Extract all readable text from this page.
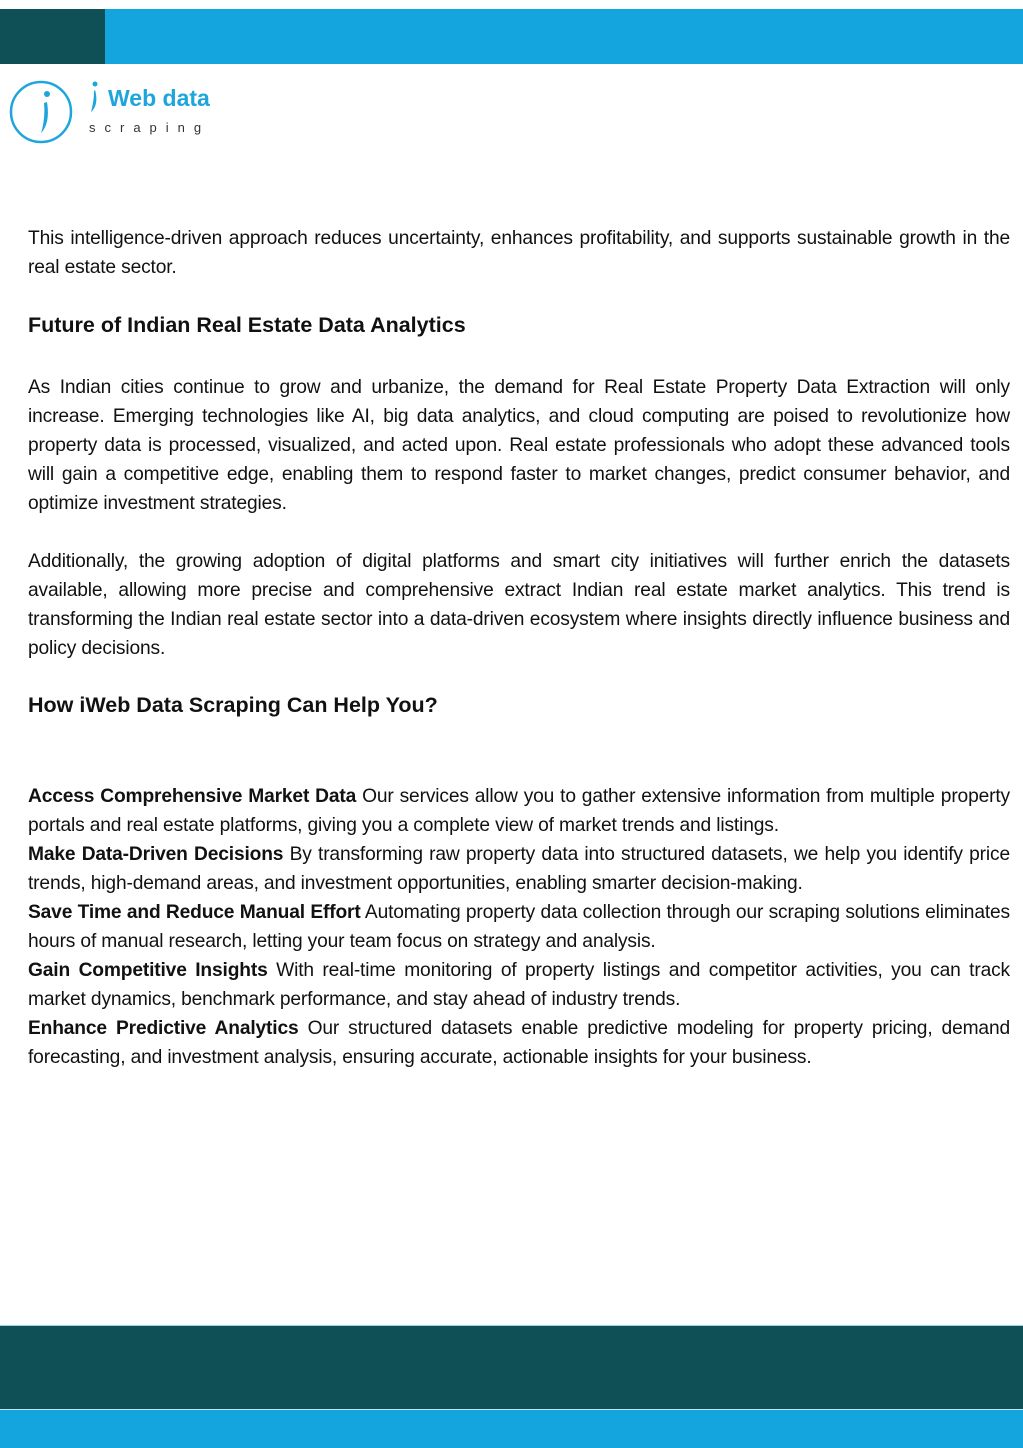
Web data
scraping
This intelligence-driven approach reduces uncertainty, enhances profitability, and supports sustainable growth in the real estate sector.
Future of Indian Real Estate Data Analytics
As Indian cities continue to grow and urbanize, the demand for Real Estate Property Data Extraction will only increase. Emerging technologies like AI, big data analytics, and cloud computing are poised to revolutionize how property data is processed, visualized, and acted upon. Real estate professionals who adopt these advanced tools will gain a competitive edge, enabling them to respond faster to market changes, predict consumer behavior, and optimize investment strategies.
Additionally, the growing adoption of digital platforms and smart city initiatives will further enrich the datasets available, allowing more precise and comprehensive extract Indian real estate market analytics. This trend is transforming the Indian real estate sector into a data-driven ecosystem where insights directly influence business and policy decisions.
How iWeb Data Scraping Can Help You?

Access Comprehensive Market Data Our services allow you to gather extensive information from multiple property portals and real estate platforms, giving you a complete view of market trends and listings.

Make Data-Driven Decisions By transforming raw property data into structured datasets, we help you identify price trends, high-demand areas, and investment opportunities, enabling smarter decision-making.

Save Time and Reduce Manual Effort Automating property data collection through our scraping solutions eliminates hours of manual research, letting your team focus on strategy and analysis.

Gain Competitive Insights With real-time monitoring of property listings and competitor activities, you can track market dynamics, benchmark performance, and stay ahead of industry trends.

Enhance Predictive Analytics Our structured datasets enable predictive modeling for property pricing, demand forecasting, and investment analysis, ensuring accurate, actionable insights for your business.
